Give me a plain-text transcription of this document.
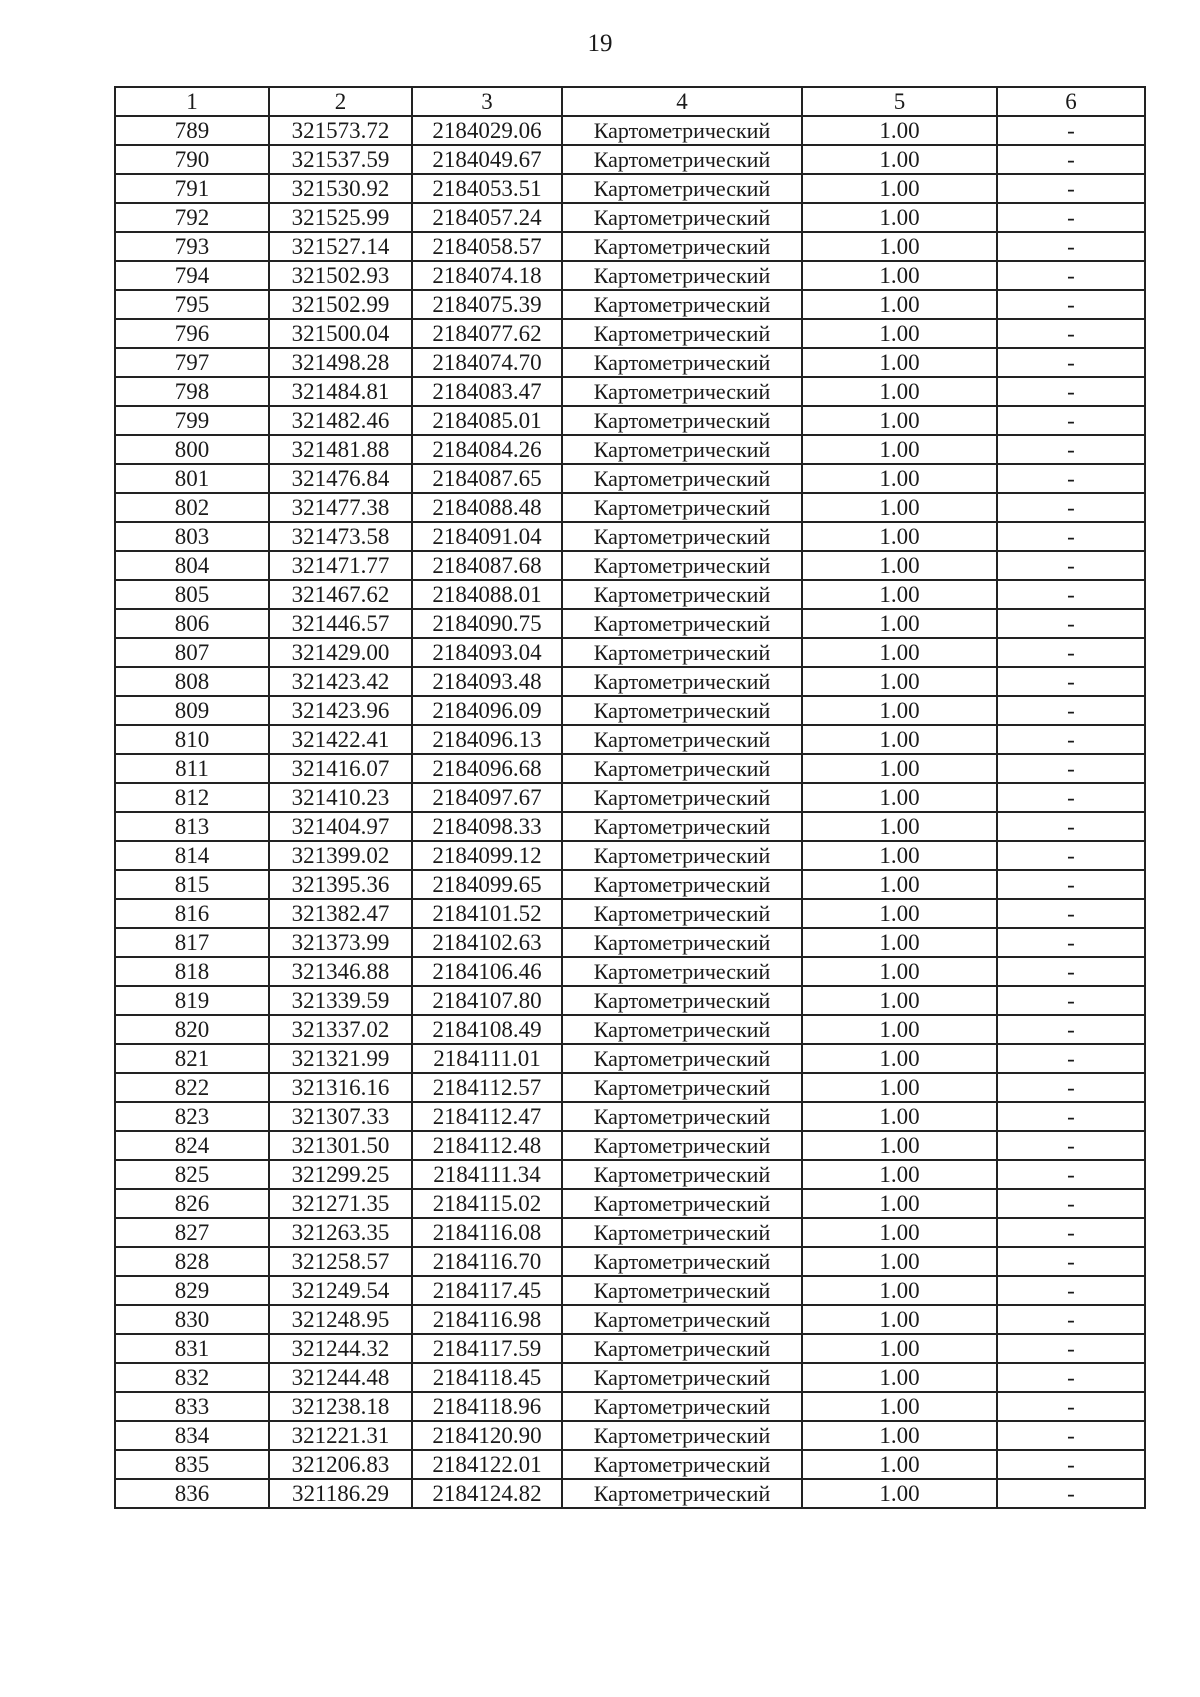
19
1	2	3	4	5	6
789	321573.72	2184029.06	Картометрический	1.00	-
790	321537.59	2184049.67	Картометрический	1.00	-
791	321530.92	2184053.51	Картометрический	1.00	-
792	321525.99	2184057.24	Картометрический	1.00	-
793	321527.14	2184058.57	Картометрический	1.00	-
794	321502.93	2184074.18	Картометрический	1.00	-
795	321502.99	2184075.39	Картометрический	1.00	-
796	321500.04	2184077.62	Картометрический	1.00	-
797	321498.28	2184074.70	Картометрический	1.00	-
798	321484.81	2184083.47	Картометрический	1.00	-
799	321482.46	2184085.01	Картометрический	1.00	-
800	321481.88	2184084.26	Картометрический	1.00	-
801	321476.84	2184087.65	Картометрический	1.00	-
802	321477.38	2184088.48	Картометрический	1.00	-
803	321473.58	2184091.04	Картометрический	1.00	-
804	321471.77	2184087.68	Картометрический	1.00	-
805	321467.62	2184088.01	Картометрический	1.00	-
806	321446.57	2184090.75	Картометрический	1.00	-
807	321429.00	2184093.04	Картометрический	1.00	-
808	321423.42	2184093.48	Картометрический	1.00	-
809	321423.96	2184096.09	Картометрический	1.00	-
810	321422.41	2184096.13	Картометрический	1.00	-
811	321416.07	2184096.68	Картометрический	1.00	-
812	321410.23	2184097.67	Картометрический	1.00	-
813	321404.97	2184098.33	Картометрический	1.00	-
814	321399.02	2184099.12	Картометрический	1.00	-
815	321395.36	2184099.65	Картометрический	1.00	-
816	321382.47	2184101.52	Картометрический	1.00	-
817	321373.99	2184102.63	Картометрический	1.00	-
818	321346.88	2184106.46	Картометрический	1.00	-
819	321339.59	2184107.80	Картометрический	1.00	-
820	321337.02	2184108.49	Картометрический	1.00	-
821	321321.99	2184111.01	Картометрический	1.00	-
822	321316.16	2184112.57	Картометрический	1.00	-
823	321307.33	2184112.47	Картометрический	1.00	-
824	321301.50	2184112.48	Картометрический	1.00	-
825	321299.25	2184111.34	Картометрический	1.00	-
826	321271.35	2184115.02	Картометрический	1.00	-
827	321263.35	2184116.08	Картометрический	1.00	-
828	321258.57	2184116.70	Картометрический	1.00	-
829	321249.54	2184117.45	Картометрический	1.00	-
830	321248.95	2184116.98	Картометрический	1.00	-
831	321244.32	2184117.59	Картометрический	1.00	-
832	321244.48	2184118.45	Картометрический	1.00	-
833	321238.18	2184118.96	Картометрический	1.00	-
834	321221.31	2184120.90	Картометрический	1.00	-
835	321206.83	2184122.01	Картометрический	1.00	-
836	321186.29	2184124.82	Картометрический	1.00	-
